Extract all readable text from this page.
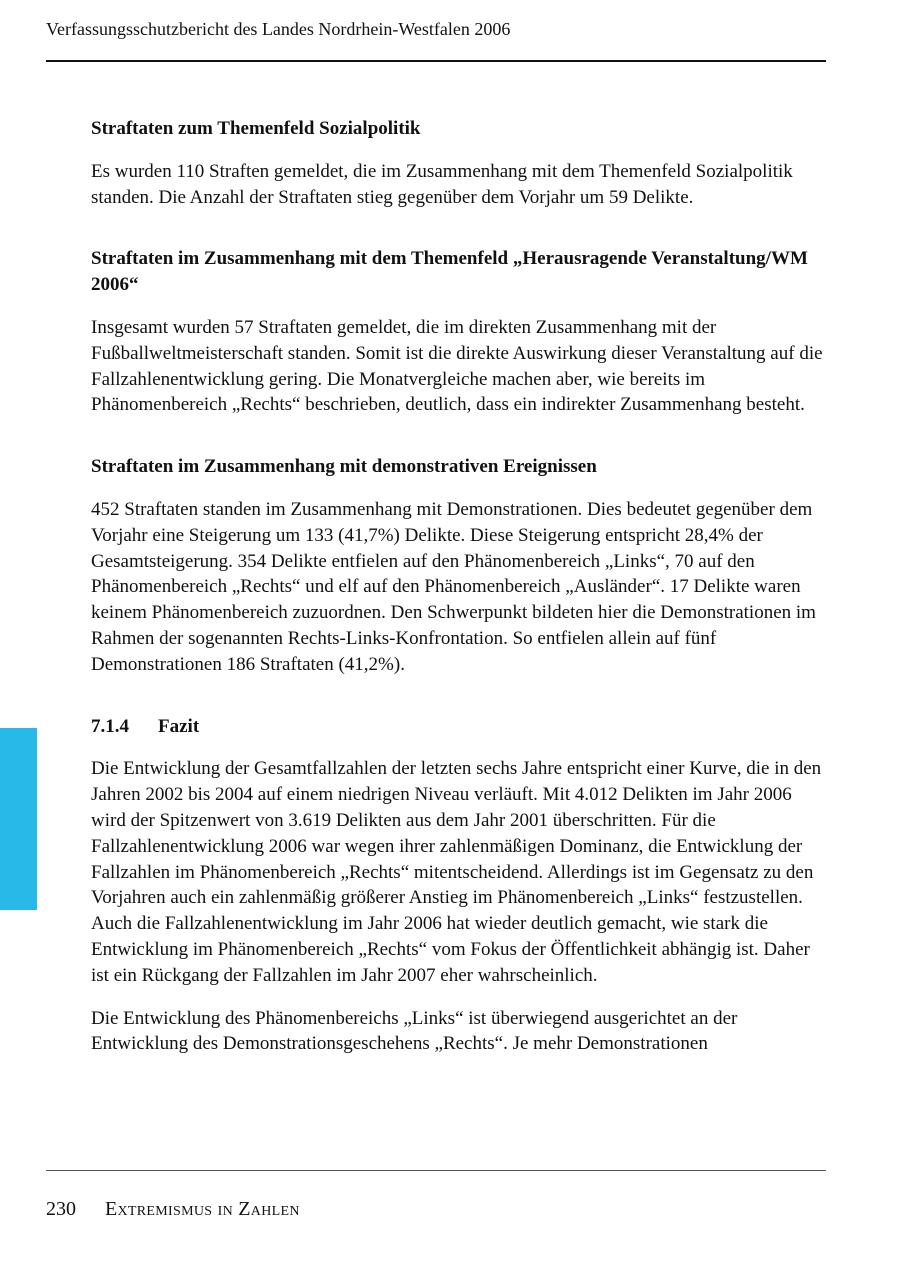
Verfassungsschutzbericht des Landes Nordrhein-Westfalen 2006
Straftaten zum Themenfeld Sozialpolitik

Es wurden 110 Straften gemeldet, die im Zusammenhang mit dem Themenfeld Sozialpolitik standen. Die Anzahl der Straftaten stieg gegenüber dem Vorjahr um 59 Delikte.

Straftaten im Zusammenhang mit dem Themenfeld „Herausragende Veranstaltung/WM 2006“

Insgesamt wurden 57 Straftaten gemeldet, die im direkten Zusammenhang mit der Fußballweltmeisterschaft standen. Somit ist die direkte Auswirkung dieser Veranstaltung auf die Fallzahlenentwicklung gering. Die Monatvergleiche machen aber, wie bereits im Phänomenbereich „Rechts“ beschrieben, deutlich, dass ein indirekter Zusammenhang besteht.

Straftaten im Zusammenhang mit demonstrativen Ereignissen

452 Straftaten standen im Zusammenhang mit Demonstrationen. Dies bedeutet gegenüber dem Vorjahr eine Steigerung um 133 (41,7%) Delikte. Diese Steigerung entspricht 28,4% der Gesamtsteigerung. 354 Delikte entfielen auf den Phänomenbereich „Links“, 70 auf den Phänomenbereich „Rechts“ und elf auf den Phänomenbereich „Ausländer“. 17 Delikte waren keinem Phänomenbereich zuzuordnen. Den Schwerpunkt bildeten hier die Demonstrationen im Rahmen der sogenannten Rechts-Links-Konfrontation. So entfielen allein auf fünf Demonstrationen 186 Straftaten (41,2%).

7.1.4 Fazit

Die Entwicklung der Gesamtfallzahlen der letzten sechs Jahre entspricht einer Kurve, die in den Jahren 2002 bis 2004 auf einem niedrigen Niveau verläuft. Mit 4.012 Delikten im Jahr 2006 wird der Spitzenwert von 3.619 Delikten aus dem Jahr 2001 überschritten. Für die Fallzahlenentwicklung 2006 war wegen ihrer zahlenmäßigen Dominanz, die Entwicklung der Fallzahlen im Phänomenbereich „Rechts“ mitentscheidend. Allerdings ist im Gegensatz zu den Vorjahren auch ein zahlenmäßig größerer Anstieg im Phänomenbereich „Links“ festzustellen. Auch die Fallzahlenentwicklung im Jahr 2006 hat wieder deutlich gemacht, wie stark die Entwicklung im Phänomenbereich „Rechts“ vom Fokus der Öffentlichkeit abhängig ist. Daher ist ein Rückgang der Fallzahlen im Jahr 2007 eher wahrscheinlich.

Die Entwicklung des Phänomenbereichs „Links“ ist überwiegend ausgerichtet an der Entwicklung des Demonstrationsgeschehens „Rechts“. Je mehr Demonstrationen

230 Extremismus in Zahlen
